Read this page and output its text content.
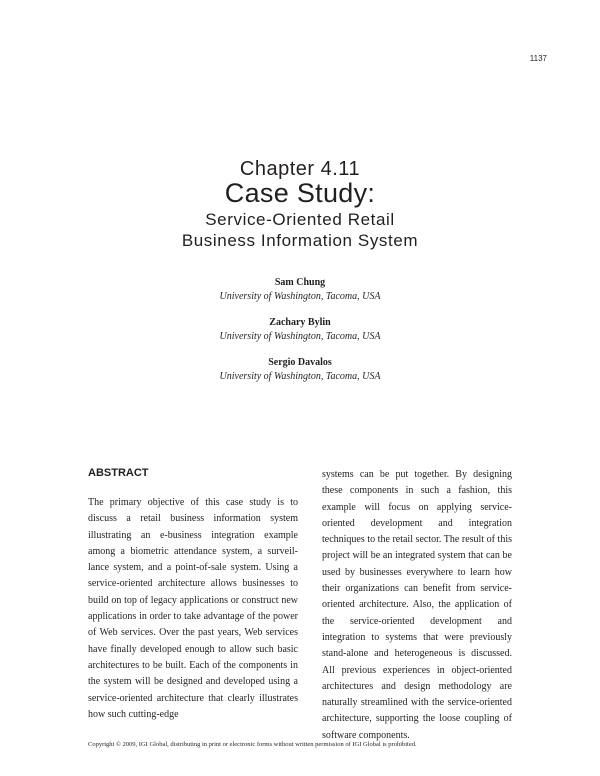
1137
Chapter 4.11
Case Study:
Service-Oriented Retail
Business Information System
Sam Chung
University of Washington, Tacoma, USA
Zachary Bylin
University of Washington, Tacoma, USA
Sergio Davalos
University of Washington, Tacoma, USA
ABSTRACT
The primary objective of this case study is to discuss a retail business information system illustrating an e-business integration example among a biometric attendance system, a surveillance system, and a point-of-sale system. Using a service-oriented architecture allows businesses to build on top of legacy applications or construct new applications in order to take advantage of the power of Web services. Over the past years, Web services have finally developed enough to allow such basic architectures to be built. Each of the components in the system will be designed and developed using a service-oriented architecture that clearly illustrates how such cutting-edge
systems can be put together. By designing these components in such a fashion, this example will focus on applying service-oriented development and integration techniques to the retail sector. The result of this project will be an integrated system that can be used by businesses everywhere to learn how their organizations can benefit from service-oriented architecture. Also, the application of the service-oriented development and integration to systems that were previously stand-alone and heterogeneous is discussed. All previous experiences in object-oriented architectures and design methodology are naturally streamlined with the service-oriented architecture, supporting the loose coupling of software components.
Copyright © 2009, IGI Global, distributing in print or electronic forms without written permission of IGI Global is prohibited.
